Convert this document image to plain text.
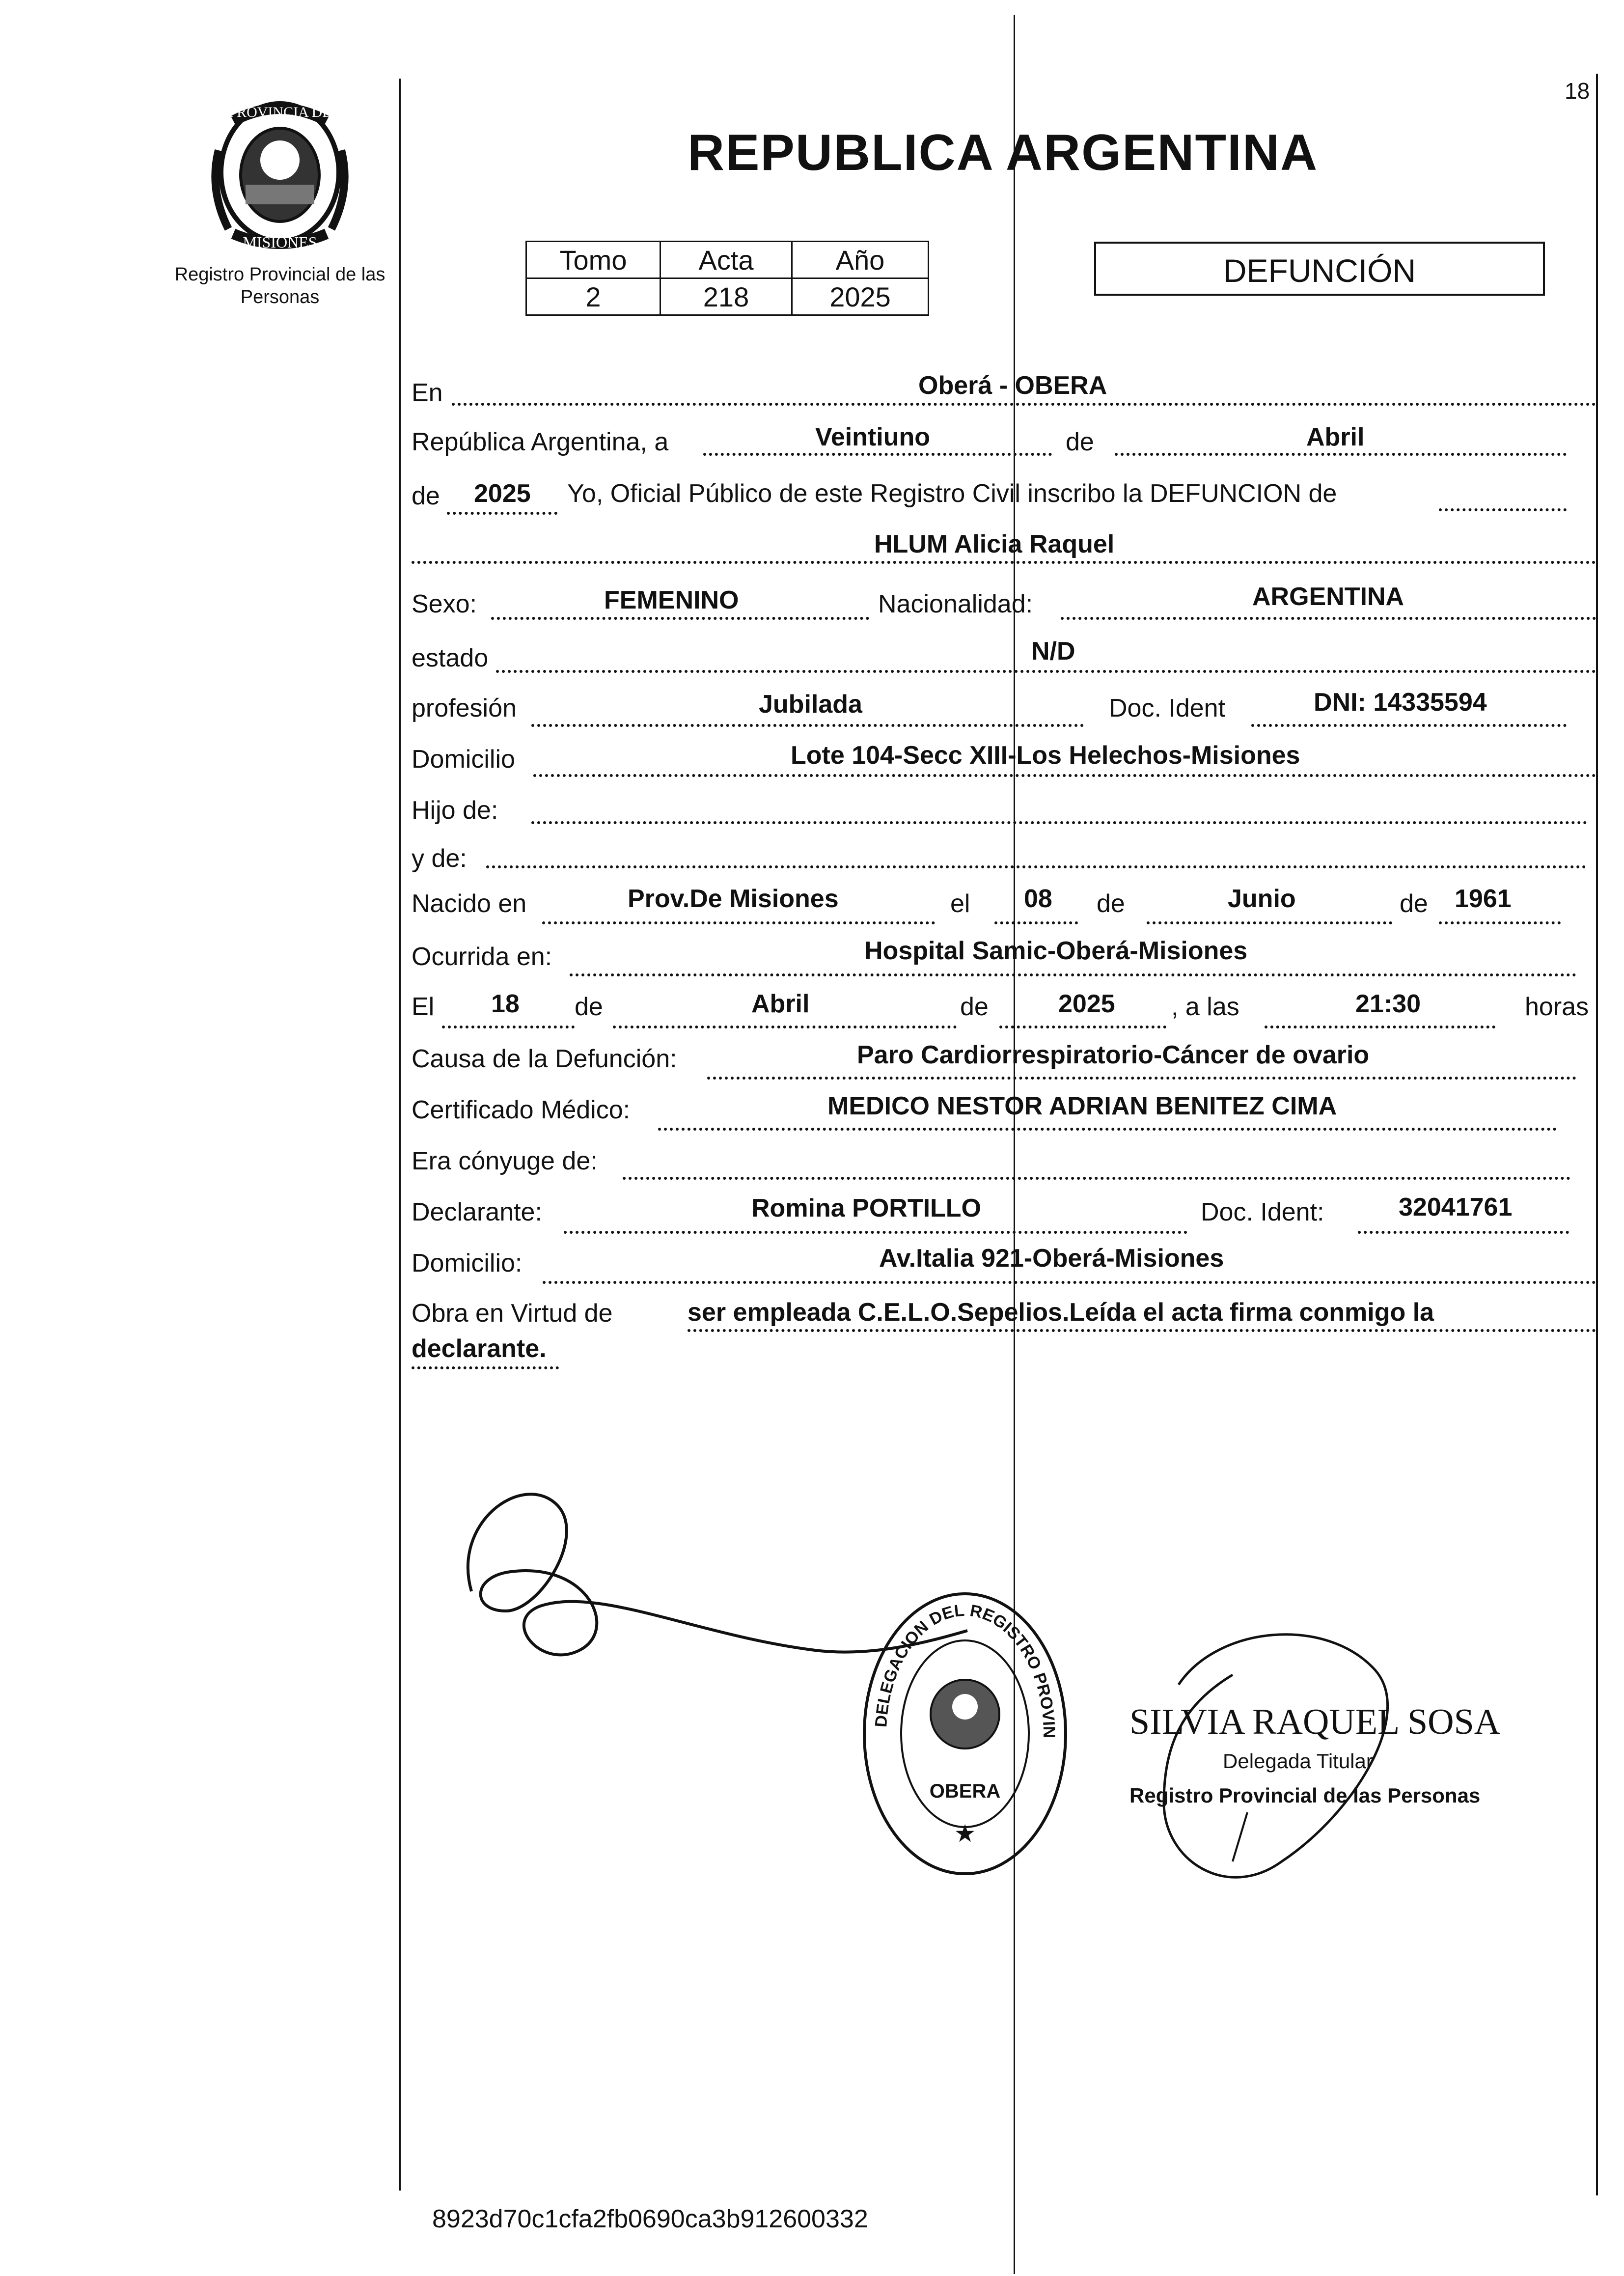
PROVINCIA DE
MISIONES
Registro Provincial de las Personas
18
REPUBLICA ARGENTINA
Tomo	Acta	Año
2	218	2025
DEFUNCIÓN
En	Oberá - OBERA
República Argentina, a	Veintiuno	de	Abril
de 2025 Yo, Oficial Público de este Registro Civil inscribo la DEFUNCION de
HLUM Alicia Raquel
Sexo:	FEMENINO	Nacionalidad:	ARGENTINA
estado	N/D
profesión	Jubilada	Doc. Ident	DNI: 14335594
Domicilio	Lote 104-Secc XIII-Los Helechos-Misiones
Hijo de:
y de:
Nacido en	Prov.De Misiones	el 08 de	Junio	de 1961
Ocurrida en:	Hospital Samic-Oberá-Misiones
El 18 de	Abril	de	2025 , a las	21:30	horas
Causa de la Defunción:	Paro Cardiorrespiratorio-Cáncer de ovario
Certificado Médico:	MEDICO NESTOR ADRIAN BENITEZ CIMA
Era cónyuge de:
Declarante:	Romina PORTILLO	Doc. Ident:	32041761
Domicilio:	Av.Italia 921-Oberá-Misiones
Obra en Virtud de	ser empleada C.E.L.O.Sepelios.Leída el acta firma conmigo la
declarante.
DELEGACION DEL REGISTRO PROVINCIAL DE LAS PERSONAS
OBERA
★
SILVIA RAQUEL SOSA
Delegada Titular
Registro Provincial de las Personas
8923d70c1cfa2fb0690ca3b912600332
